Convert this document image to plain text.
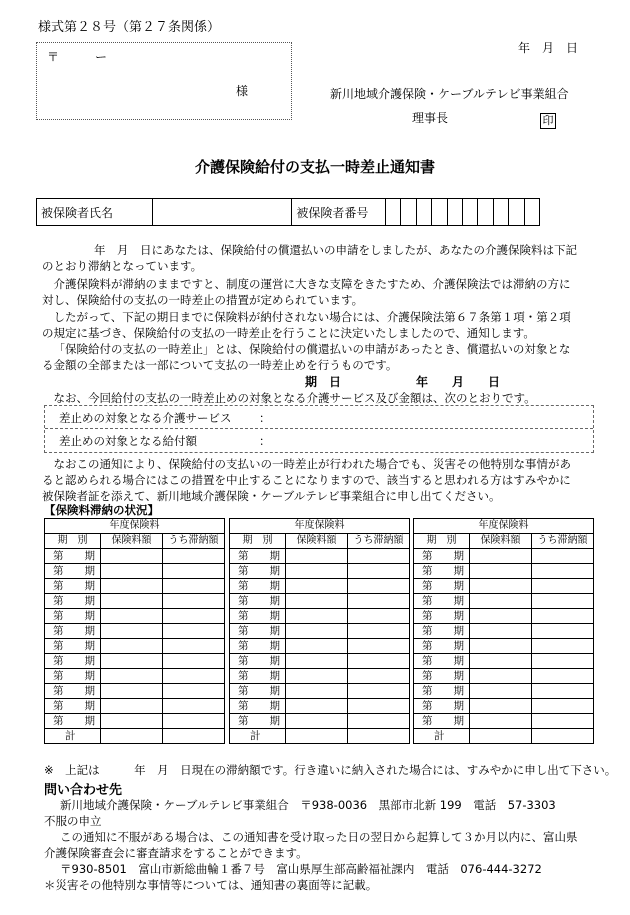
様式第２８号（第２７条関係）
〒	ー
様
年　月　日
新川地域介護保険・ケーブルテレビ事業組合
理事長	印
介護保険給付の支払一時差止通知書
被保険者氏名		被保険者番号										
年　月　日にあなたは、保険給付の償還払いの申請をしましたが、あなたの介護保険料は下記
のとおり滞納となっています。
介護保険料が滞納のままですと、制度の運営に大きな支障をきたすため、介護保険法では滞納の方に
対し、保険給付の支払の一時差止の措置が定められています。
したがって、下記の期日までに保険料が納付されない場合には、介護保険法第６７条第１項・第２項
の規定に基づき、保険給付の支払の一時差止を行うことに決定いたしましたので、通知します。
「保険給付の支払の一時差止」とは、保険給付の償還払いの申請があったとき、償還払いの対象とな
る金額の全部または一部について支払の一時差止めを行うものです。
期　日	年　　月　　日
なお、今回給付の支払の一時差止めの対象となる介護サービス及び金額は、次のとおりです。
差止めの対象となる介護サービス ：
差止めの対象となる給付額	：
なおこの通知により、保険給付の支払いの一時差止が行われた場合でも、災害その他特別な事情があ
ると認められる場合にはこの措置を中止することになりますので、該当すると思われる方はすみやかに
被保険者証を添えて、新川地域介護保険・ケーブルテレビ事業組合に申し出てください。
【保険料滞納の状況】
年度保険料		
期　別	保険料額	うち滞納額
第　　期		
第　　期		
第　　期		
第　　期		
第　　期		
第　　期		
第　　期		
第　　期		
第　　期		
第　　期		
第　　期		
第　　期		
計		
年度保険料		
期　別	保険料額	うち滞納額
第　　期		
第　　期		
第　　期		
第　　期		
第　　期		
第　　期		
第　　期		
第　　期		
第　　期		
第　　期		
第　　期		
第　　期		
計		
年度保険料		
期　別	保険料額	うち滞納額
第　　期		
第　　期		
第　　期		
第　　期		
第　　期		
第　　期		
第　　期		
第　　期		
第　　期		
第　　期		
第　　期		
第　　期		
計		
※　上記は　　　年　月　日現在の滞納額です。行き違いに納入された場合には、すみやかに申し出て下さい。
問い合わせ先
新川地域介護保険・ケーブルテレビ事業組合　〒938-0036　黒部市北新 199　電話　57-3303
不服の申立
この通知に不服がある場合は、この通知書を受け取った日の翌日から起算して３か月以内に、富山県
介護保険審査会に審査請求をすることができます。
〒930-8501　富山市新総曲輪１番７号　富山県厚生部高齢福祉課内　電話　076-444-3272
＊災害その他特別な事情等については、通知書の裏面等に記載。
